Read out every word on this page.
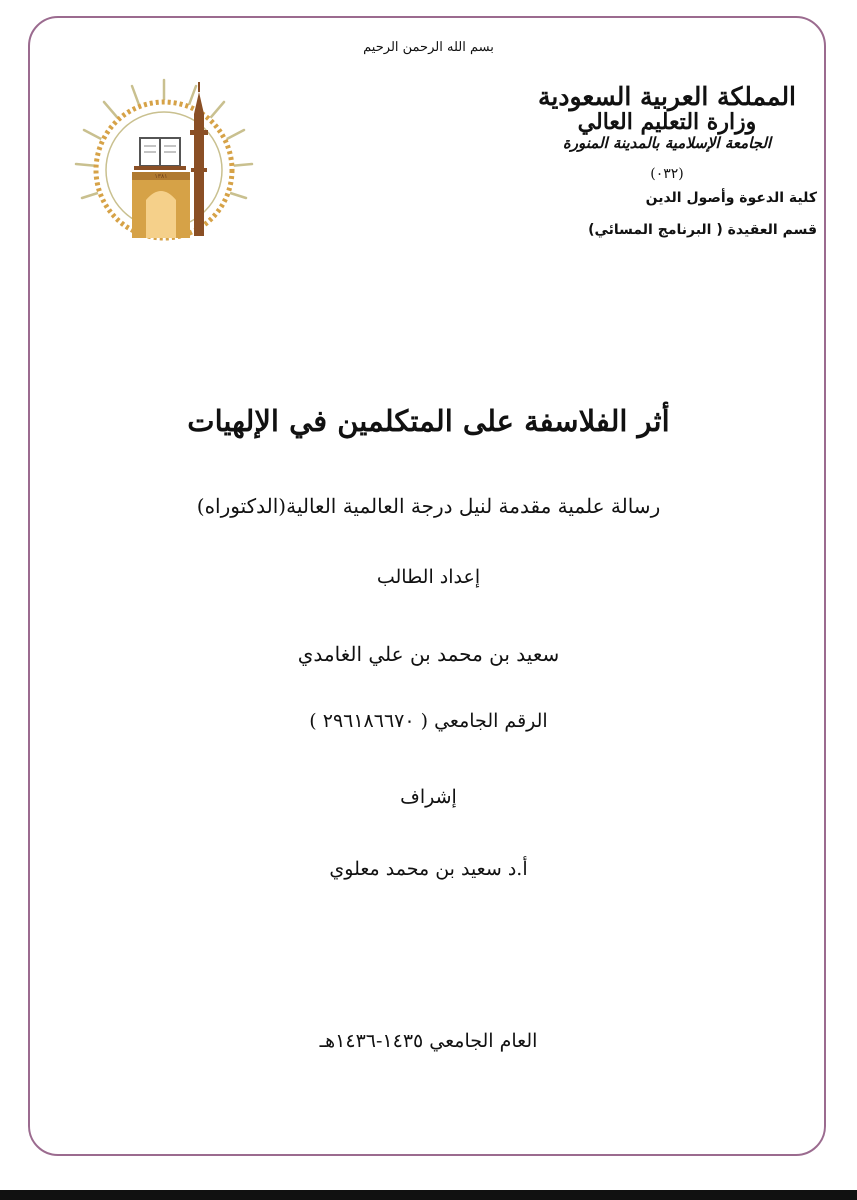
بسم الله الرحمن الرحيم
المملكة العربية السعودية
وزارة التعليم العالي
الجامعة الإسلامية بالمدينة المنورة
(٠٣٢)
كلية الدعوة وأصول الدين
قسم العقيدة ( البرنامج المسائي)
١٣٨١
أثر الفلاسفة على المتكلمين في الإلهيات
رسالة علمية مقدمة لنيل درجة العالمية العالية(الدكتوراه)
إعداد الطالب
سعيد بن محمد بن علي الغامدي
الرقم الجامعي ( ٢٩٦١٨٦٦٧٠ )
إشراف
أ.د سعيد بن محمد معلوي
العام الجامعي ١٤٣٥-١٤٣٦هـ
